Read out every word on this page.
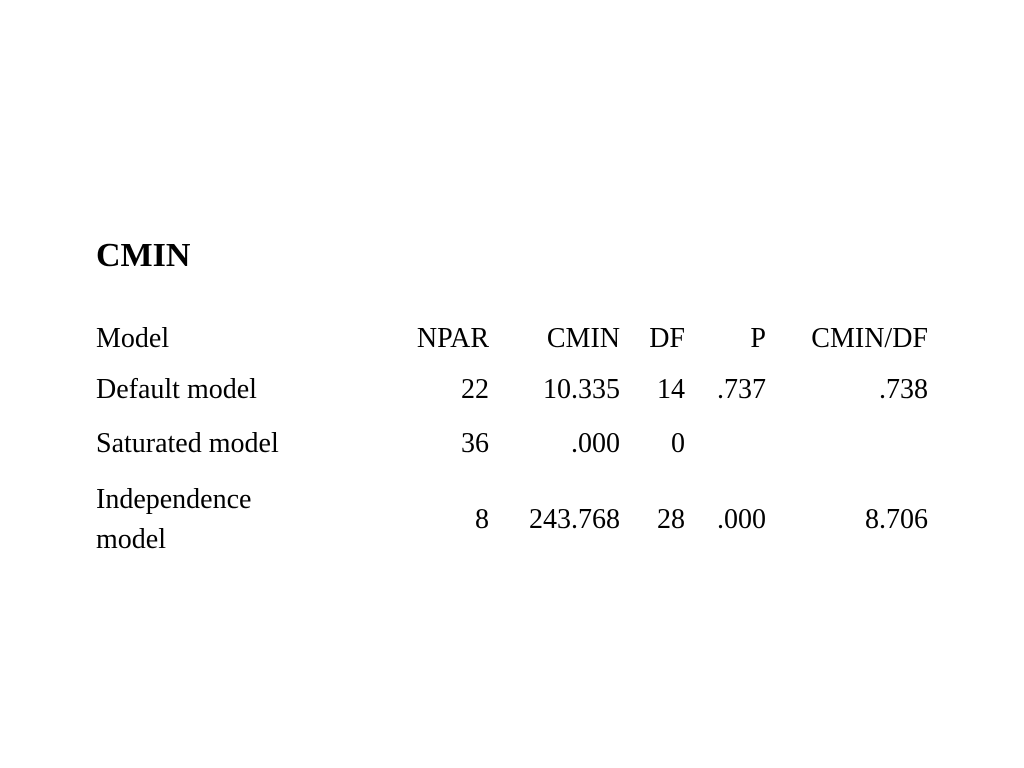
CMIN
Model	NPAR	CMIN	DF	P	CMIN/DF
Default model	22	10.335	14	.737	.738
Saturated model	36	.000	0		
Independence model	8	243.768	28	.000	8.706
